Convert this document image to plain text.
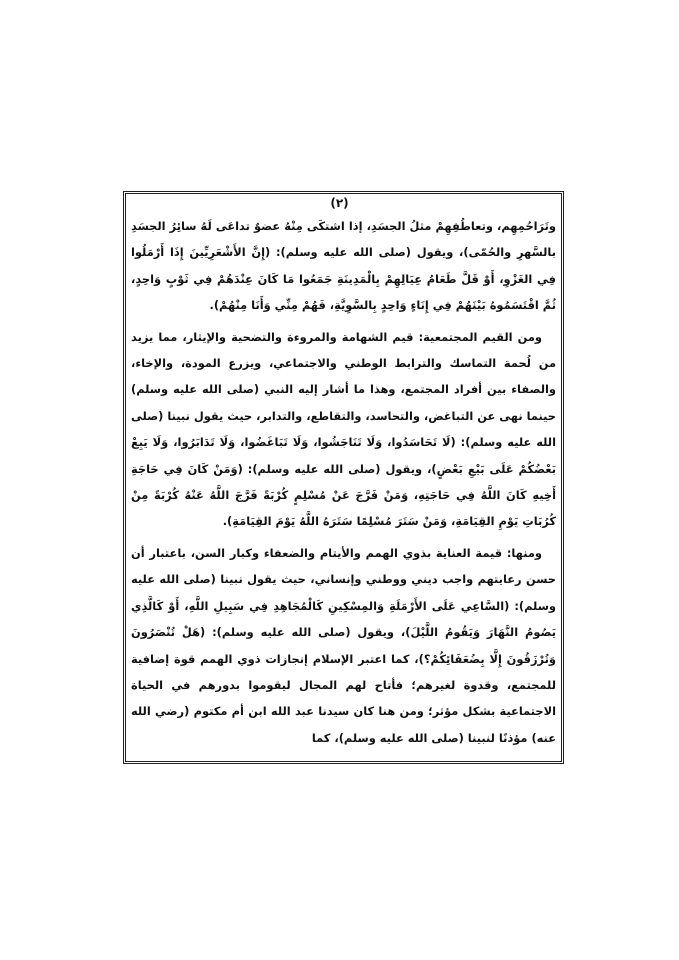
(٢)

وتَرَاحُمِهِم، وتعاطُفِهِمْ مثلُ الجسَدِ، إذا اشتكَى مِنْهُ عضوٌ تداعَى لَهُ سائِرُ الجسَدِ بالسَّهرِ والحُمّى)، ويقول (صلى الله عليه وسلم): (إِنَّ الأَشْعَرِيِّينَ إِذَا أَرْمَلُوا فِي الغَزْوِ، أَوْ قَلَّ طَعَامُ عِيَالِهِمْ بِالْمَدِينَةِ جَمَعُوا مَا كَانَ عِنْدَهُمْ فِي ثَوْبٍ وَاحِدٍ، ثُمَّ اقْتَسَمُوهُ بَيْنَهُمْ فِي إِنَاءٍ وَاحِدٍ بِالسَّوِيَّةِ، فَهُمْ مِنِّي وَأَنَا مِنْهُمْ).

ومن القيم المجتمعية: قيم الشهامة والمروءة والتضحية والإيثار، مما يزيد من لُحمة التماسك والترابط الوطني والاجتماعي، ويزرع المودة، والإخاء، والصفاء بين أفراد المجتمع، وهذا ما أشار إليه النبي (صلى الله عليه وسلم) حينما نهى عن التباغض، والتحاسد، والتقاطع، والتدابر، حيث يقول نبينا (صلى الله عليه وسلم): (لَا تَحَاسَدُوا، وَلَا تَنَاجَشُوا، وَلَا تَبَاغَضُوا، وَلَا تَدَابَرُوا، وَلَا يَبِعْ بَعْضُكُمْ عَلَى بَيْعِ بَعْضٍ)، ويقول (صلى الله عليه وسلم): (وَمَنْ كَانَ فِي حَاجَةِ أَخِيهِ كَانَ اللَّهُ فِي حَاجَتِهِ، وَمَنْ فَرَّجَ عَنْ مُسْلِمٍ كُرْبَةً فَرَّجَ اللَّهُ عَنْهُ كُرْبَةً مِنْ كُرُبَاتِ يَوْمِ القِيَامَةِ، وَمَنْ سَتَرَ مُسْلِمًا سَتَرَهُ اللَّهُ يَوْمَ القِيَامَةِ).

ومنها: قيمة العناية بذوي الهمم والأيتام والضعفاء وكبار السن، باعتبار أن حسن رعايتهم واجب ديني ووطني وإنساني، حيث يقول نبينا (صلى الله عليه وسلم): (السَّاعِي عَلَى الأَرْمَلَةِ وَالمِسْكِينِ كَالْمُجَاهِدِ فِي سَبِيلِ اللَّهِ، أَوْ كَالَّذِي يَصُومُ النَّهَارَ وَيَقُومُ اللَّيْلَ)، ويقول (صلى الله عليه وسلم): (هَلْ تُنْصَرُونَ وَتُرْزَقُونَ إِلَّا بِضُعَفَائِكُمْ؟)، كما اعتبر الإسلام إنجازات ذوي الهمم قوة إضافية للمجتمع، وقدوة لغيرهم؛ فأتاح لهم المجال ليقوموا بدورهم في الحياة الاجتماعية بشكل مؤثر؛ ومن هنا كان سيدنا عبد الله ابن أم مكتوم (رضي الله عنه) مؤذنًا لنبينا (صلى الله عليه وسلم)، كما
